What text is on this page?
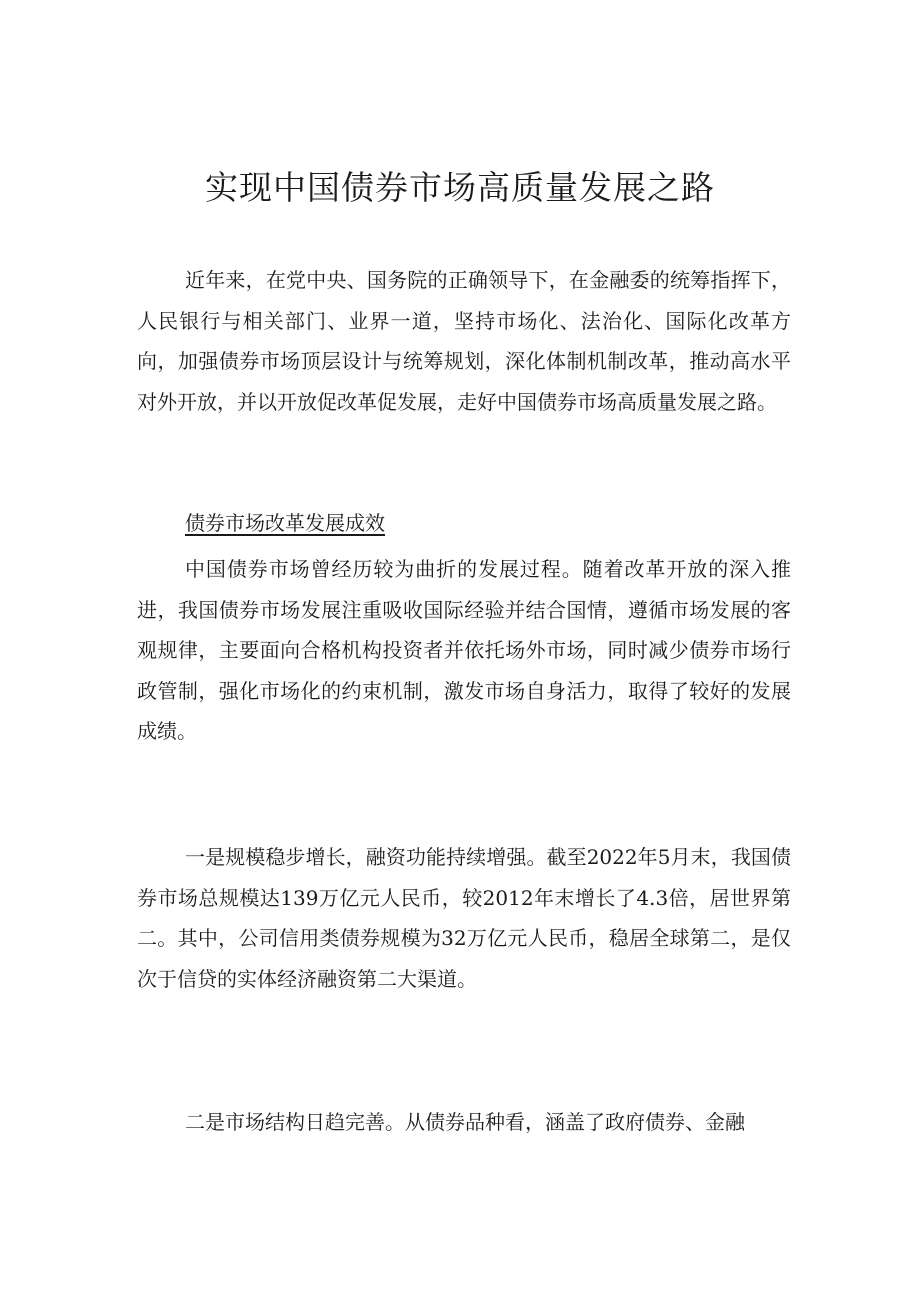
实现中国债券市场高质量发展之路

近年来，在党中央、国务院的正确领导下，在金融委的统筹指挥下，人民银行与相关部门、业界一道，坚持市场化、法治化、国际化改革方向，加强债券市场顶层设计与统筹规划，深化体制机制改革，推动高水平对外开放，并以开放促改革促发展，走好中国债券市场高质量发展之路。

债券市场改革发展成效

中国债券市场曾经历较为曲折的发展过程。随着改革开放的深入推进，我国债券市场发展注重吸收国际经验并结合国情，遵循市场发展的客观规律，主要面向合格机构投资者并依托场外市场，同时减少债券市场行政管制，强化市场化的约束机制，激发市场自身活力，取得了较好的发展成绩。

一是规模稳步增长，融资功能持续增强。截至2022年5月末，我国债券市场总规模达139万亿元人民币，较2012年末增长了4.3倍，居世界第二。其中，公司信用类债券规模为32万亿元人民币，稳居全球第二，是仅次于信贷的实体经济融资第二大渠道。

二是市场结构日趋完善。从债券品种看，涵盖了政府债券、金融
